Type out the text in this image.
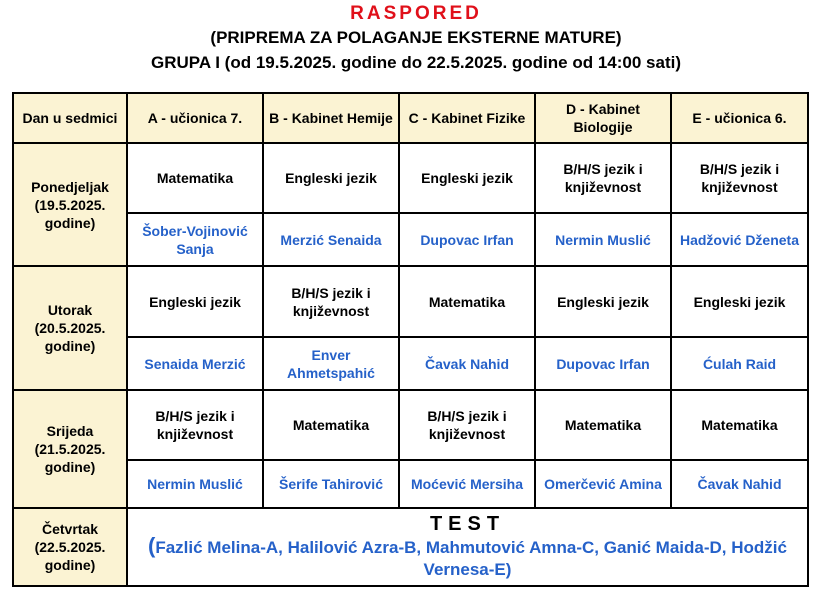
RASPORED
(PRIPREMA ZA POLAGANJE EKSTERNE MATURE)
GRUPA I (od 19.5.2025. godine do 22.5.2025. godine od 14:00 sati)
Dan u sedmici	A - učionica 7.	B - Kabinet Hemije	C - Kabinet Fizike	D - Kabinet Biologije	E - učionica 6.
Ponedjeljak (19.5.2025. godine)	Matematika	Engleski jezik	Engleski jezik	B/H/S jezik i književnost	B/H/S jezik i književnost
	Šober-Vojinović Sanja	Merzić Senaida	Dupovac Irfan	Nermin Muslić	Hadžović Dženeta
Utorak (20.5.2025. godine)	Engleski jezik	B/H/S jezik i književnost	Matematika	Engleski jezik	Engleski jezik
	Senaida Merzić	Enver Ahmetspahić	Čavak Nahid	Dupovac Irfan	Ćulah Raid
Srijeda (21.5.2025. godine)	B/H/S jezik i književnost	Matematika	B/H/S jezik i književnost	Matematika	Matematika
	Nermin Muslić	Šerife Tahirović	Moćević Mersiha	Omerčević Amina	Čavak Nahid
Četvrtak (22.5.2025. godine)	TEST
(Fazlić Melina-A, Halilović Azra-B, Mahmutović Amna-C, Ganić Maida-D, Hodžić Vernesa-E)				
